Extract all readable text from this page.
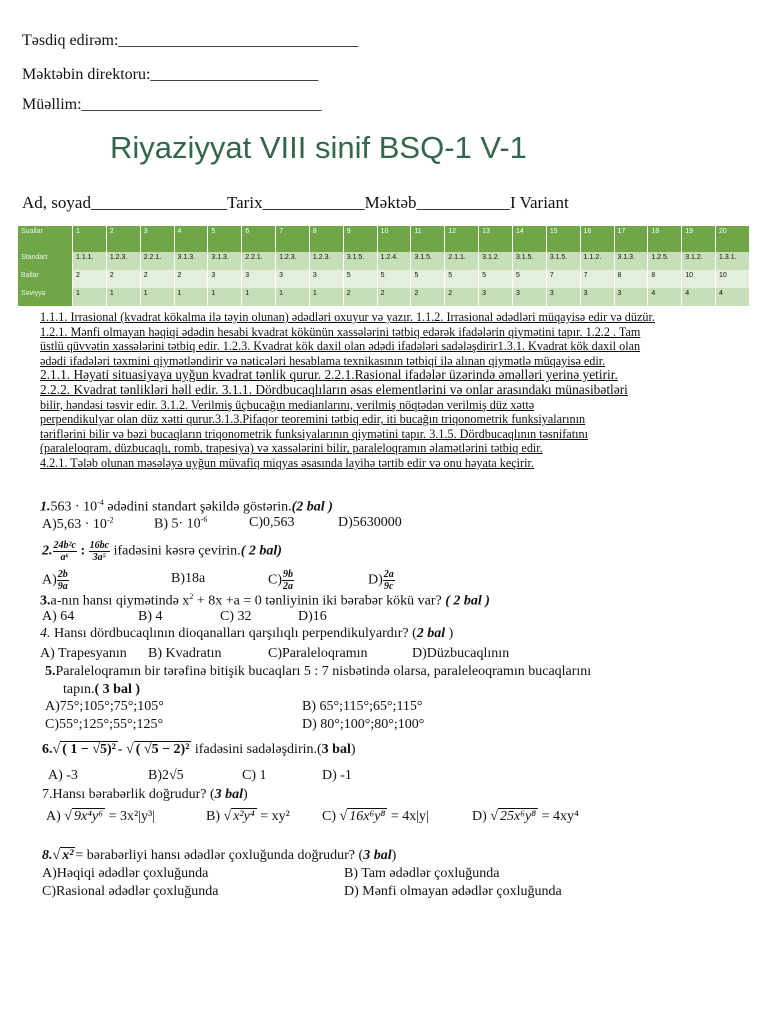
Təsdiq edirəm:______________________________
Məktəbin direktoru:_____________________
Müəllim:______________________________
Riyaziyyat VIII sinif BSQ-1 V-1
Ad, soyad________________Tarix____________Məktəb___________I Variant
Suallar	1	2	3	4	5	6	7	8	9	10	11	12	13	14	15	16	17	18	19	20
Standart	1.1.1.	1.2.3.	2.2.1.	3.1.3.	3.1.3.	2.2.1.	1.2.3.	1.2.3.	3.1.5.	1.2.4.	3.1.5.	2.1.1.	3.1.2.	3.1.5.	3.1.5.	1.1.2.	3.1.3.	1.2.5.	3.1.2.	1.3.1.
Ballar	2	2	2	2	3	3	3	3	5	5	5	5	5	5	7	7	8	8	10	10
Səviyyə	1	1	1	1	1	1	1	1	2	2	2	2	3	3	3	3	3	4	4	4
1.1.1. Irrasional (kvadrat kökalma ilə təyin olunan) ədədləri oxuyur və yazır. 1.1.2. Irrasional ədədləri müqayisə edir və düzür.
1.2.1. Mənfi olmayan həqiqi ədədin hesabi kvadrat kökünün xassələrini tətbiq edərək ifadələrin qiymətini tapır. 1.2.2 . Tam
üstlü qüvvətin xassələrini tətbiq edir. 1.2.3. Kvadrat kök daxil olan ədədi ifadələri sadələşdirir1.3.1. Kvadrat kök daxil olan
ədədi ifadələri təxmini qiymətləndirir və nəticələri hesablama texnikasının tətbiqi ilə alınan qiymətlə müqayisə edir.
2.1.1. Həyati situasiyaya uyğun kvadrat tənlik qurur. 2.2.1.Rasional ifadələr üzərində əməlləri yerinə yetirir.
2.2.2. Kvadrat tənlikləri həll edir. 3.1.1. Dördbucaqlıların əsas elementlərini və onlar arasındakı münasibətləri
bilir, həndəsi təsvir edir. 3.1.2. Verilmiş üçbucağın medianlarını, verilmiş nöqtədən verilmiş düz xəttə
perpendikulyar olan düz xətti qurur.3.1.3.Pifaqor teoremini tətbiq edir, iti bucağın triqonometrik funksiyalarının
təriflərini bilir və bəzi bucaqların triqonometrik funksiyalarının qiymətini tapır. 3.1.5. Dördbucaqlının təsnifatını
(paraleloqram, düzbucaqlı, romb, trapesiya) və xassələrini bilir, paraleloqramın əlamətlərini tətbiq edir.
4.2.1. Tələb olunan məsələyə uyğun müvafiq miqyas əsasında layihə tərtib edir və onu həyata keçirir.
$1.563 \cdot 10^{-4}$ ədədini standart şəkildə göstərin.(2 bal )
$A)5,63 \cdot 10^{-2}$	B) $5\cdot 10^{-6}$	C)0,563	D)5630000
2. $\frac{\text{24b²c}}{\text{a⁶}}$ : $\frac{16bc}{\text{3a⁵}}$ ifadəsini kəsrə çevirin.( 2 bal)
$A) \frac{2b}{9a}$	B)18a	$C) \frac{9b}{2a}$	$D) \frac{2a}{9c}$
3.a-nın hansı qiymətində $x^2 + 8x +a = 0$ tənliyinin iki bərabər kökü var? ( 2 bal )
A) 64	B) 4	C) 32	D)16
4. Hansı dördbucaqlının dioqanalları qarşılıqlı perpendikulyardır? (2 bal )
A) Trapesyanın B) Kvadratın	C)Paraleloqramın	D)Düzbucaqlının
5.Paraleloqramın bir tərəfinə bitişik bucaqları 5 : 7 nisbətində olarsa, paraleleoqramın bucaqlarını
tapın.( 3 bal )
A)75°;105°;75°;105°	B) 65°;115°;65°;115°
C)55°;125°;55°;125°	D) 80°;100°;80°;100°
6.√ ( 1 − √5)² - √ ( √5 − 2)² ifadəsini sadələşdirin.(3 bal)
A) -3	B)2√5	C) 1	D) -1
7.Hansı bərabərlik doğrudur? (3 bal)
A) √ 9x⁴y⁶ = 3x²|y³|	B) √ x²y⁴ = xy² C) √ 16x⁶y⁸ = 4x|y|	D) √ 25x⁶y⁸ = 4xy⁴
8.√ x² = bərabərliyi hansı ədədlər çoxluğunda doğrudur? (3 bal)
A)Həqiqi ədədlər çoxluğunda	B) Tam ədədlər çoxluğunda
C)Rasional ədədlər çoxluğunda	D) Mənfi olmayan ədədlər çoxluğunda
